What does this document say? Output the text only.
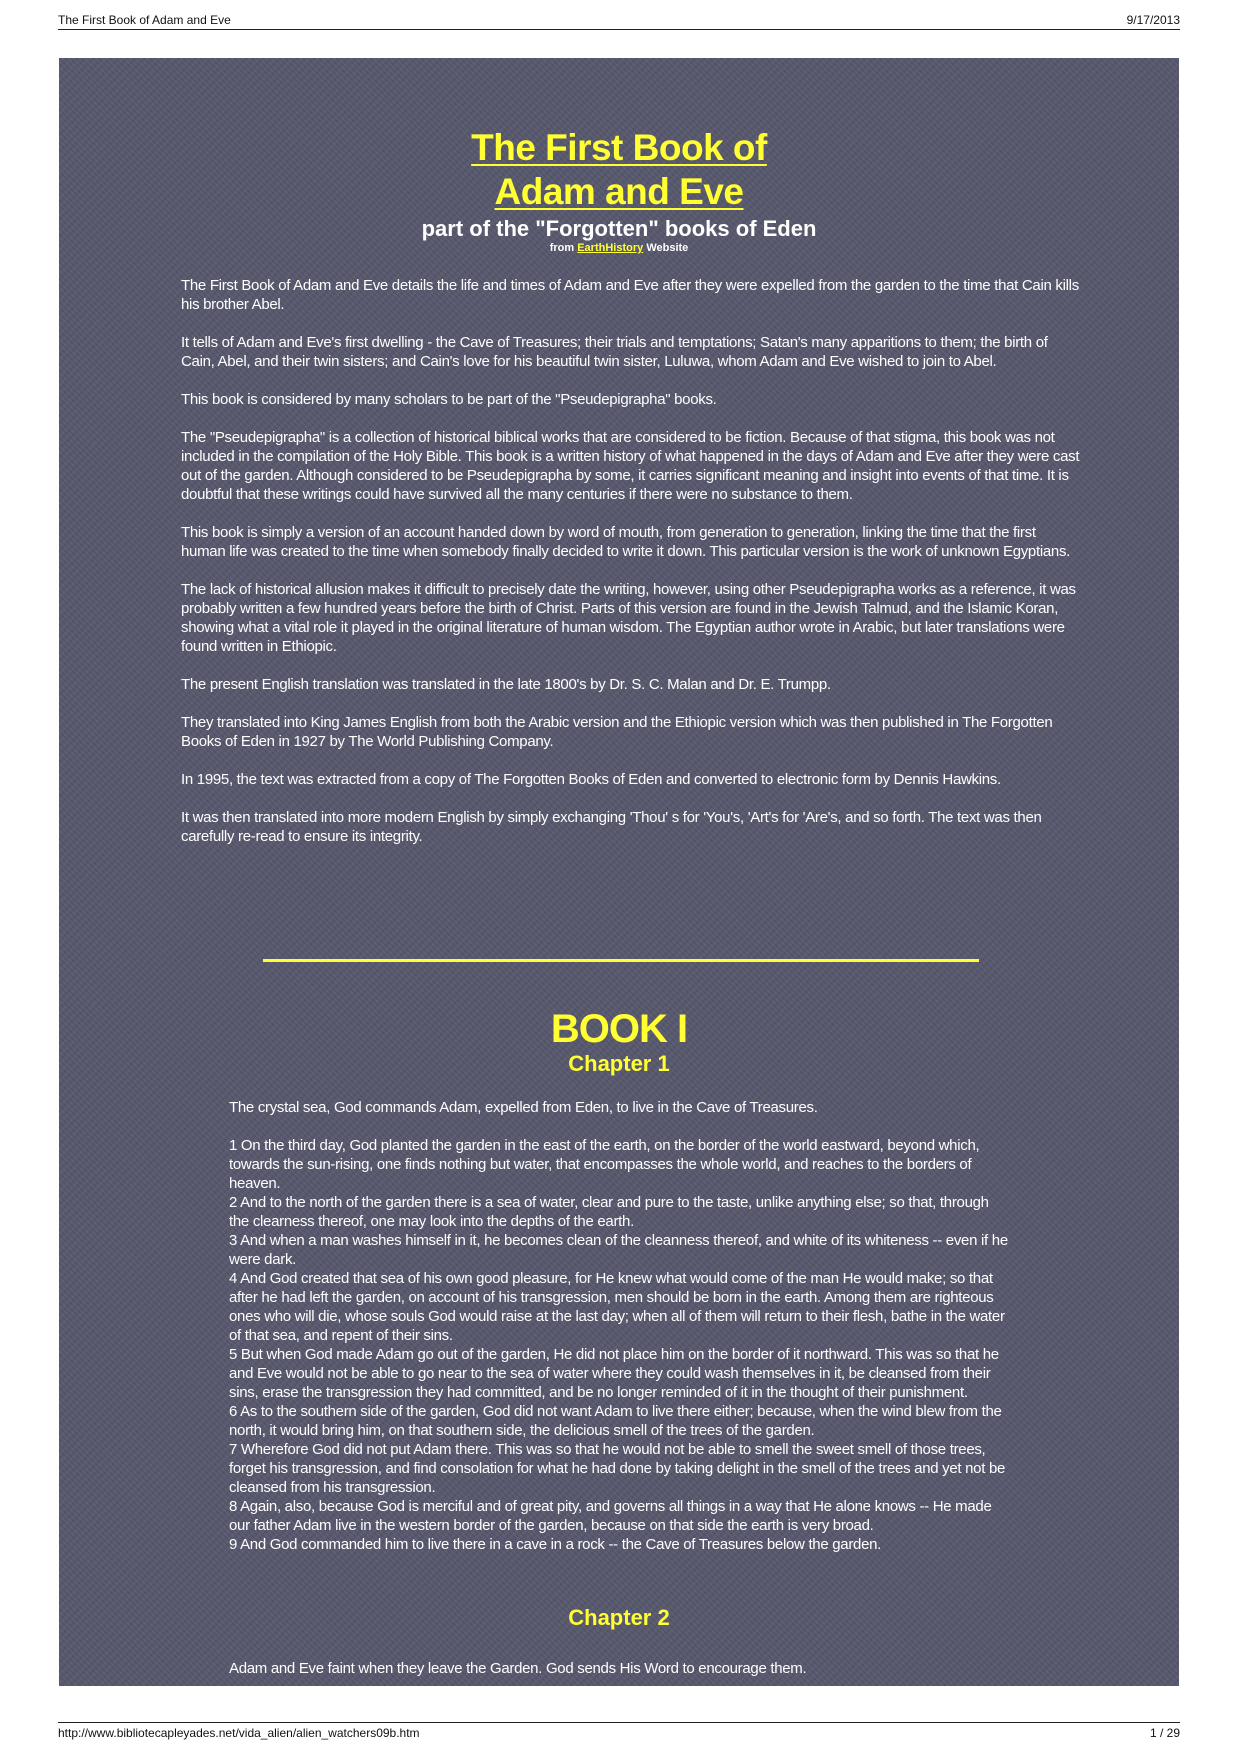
The First Book of Adam and Eve	9/17/2013
The First Book of
Adam and Eve
part of the "Forgotten" books of Eden
from EarthHistory Website

The First Book of Adam and Eve details the life and times of Adam and Eve after they were expelled from the garden to the time that Cain kills his brother Abel.

It tells of Adam and Eve's first dwelling - the Cave of Treasures; their trials and temptations; Satan's many apparitions to them; the birth of Cain, Abel, and their twin sisters; and Cain's love for his beautiful twin sister, Luluwa, whom Adam and Eve wished to join to Abel.

This book is considered by many scholars to be part of the "Pseudepigrapha" books.

The "Pseudepigrapha" is a collection of historical biblical works that are considered to be fiction. Because of that stigma, this book was not included in the compilation of the Holy Bible. This book is a written history of what happened in the days of Adam and Eve after they were cast out of the garden. Although considered to be Pseudepigrapha by some, it carries significant meaning and insight into events of that time. It is doubtful that these writings could have survived all the many centuries if there were no substance to them.

This book is simply a version of an account handed down by word of mouth, from generation to generation, linking the time that the first human life was created to the time when somebody finally decided to write it down. This particular version is the work of unknown Egyptians.

The lack of historical allusion makes it difficult to precisely date the writing, however, using other Pseudepigrapha works as a reference, it was probably written a few hundred years before the birth of Christ. Parts of this version are found in the Jewish Talmud, and the Islamic Koran, showing what a vital role it played in the original literature of human wisdom. The Egyptian author wrote in Arabic, but later translations were found written in Ethiopic.

The present English translation was translated in the late 1800's by Dr. S. C. Malan and Dr. E. Trumpp.

They translated into King James English from both the Arabic version and the Ethiopic version which was then published in The Forgotten Books of Eden in 1927 by The World Publishing Company.

In 1995, the text was extracted from a copy of The Forgotten Books of Eden and converted to electronic form by Dennis Hawkins.

It was then translated into more modern English by simply exchanging 'Thou' s for 'You's, 'Art's for 'Are's, and so forth. The text was then carefully re-read to ensure its integrity.

BOOK I
Chapter 1

The crystal sea, God commands Adam, expelled from Eden, to live in the Cave of Treasures.

1 On the third day, God planted the garden in the east of the earth, on the border of the world eastward, beyond which, towards the sun-rising, one finds nothing but water, that encompasses the whole world, and reaches to the borders of heaven.

2 And to the north of the garden there is a sea of water, clear and pure to the taste, unlike anything else; so that, through the clearness thereof, one may look into the depths of the earth.

3 And when a man washes himself in it, he becomes clean of the cleanness thereof, and white of its whiteness -- even if he were dark.

4 And God created that sea of his own good pleasure, for He knew what would come of the man He would make; so that after he had left the garden, on account of his transgression, men should be born in the earth. Among them are righteous ones who will die, whose souls God would raise at the last day; when all of them will return to their flesh, bathe in the water of that sea, and repent of their sins.

5 But when God made Adam go out of the garden, He did not place him on the border of it northward. This was so that he and Eve would not be able to go near to the sea of water where they could wash themselves in it, be cleansed from their sins, erase the transgression they had committed, and be no longer reminded of it in the thought of their punishment.

6 As to the southern side of the garden, God did not want Adam to live there either; because, when the wind blew from the north, it would bring him, on that southern side, the delicious smell of the trees of the garden.

7 Wherefore God did not put Adam there. This was so that he would not be able to smell the sweet smell of those trees, forget his transgression, and find consolation for what he had done by taking delight in the smell of the trees and yet not be cleansed from his transgression.

8 Again, also, because God is merciful and of great pity, and governs all things in a way that He alone knows -- He made our father Adam live in the western border of the garden, because on that side the earth is very broad.

9 And God commanded him to live there in a cave in a rock -- the Cave of Treasures below the garden.

Chapter 2

Adam and Eve faint when they leave the Garden. God sends His Word to encourage them.

http://www.bibliotecapleyades.net/vida_alien/alien_watchers09b.htm	1 / 29
